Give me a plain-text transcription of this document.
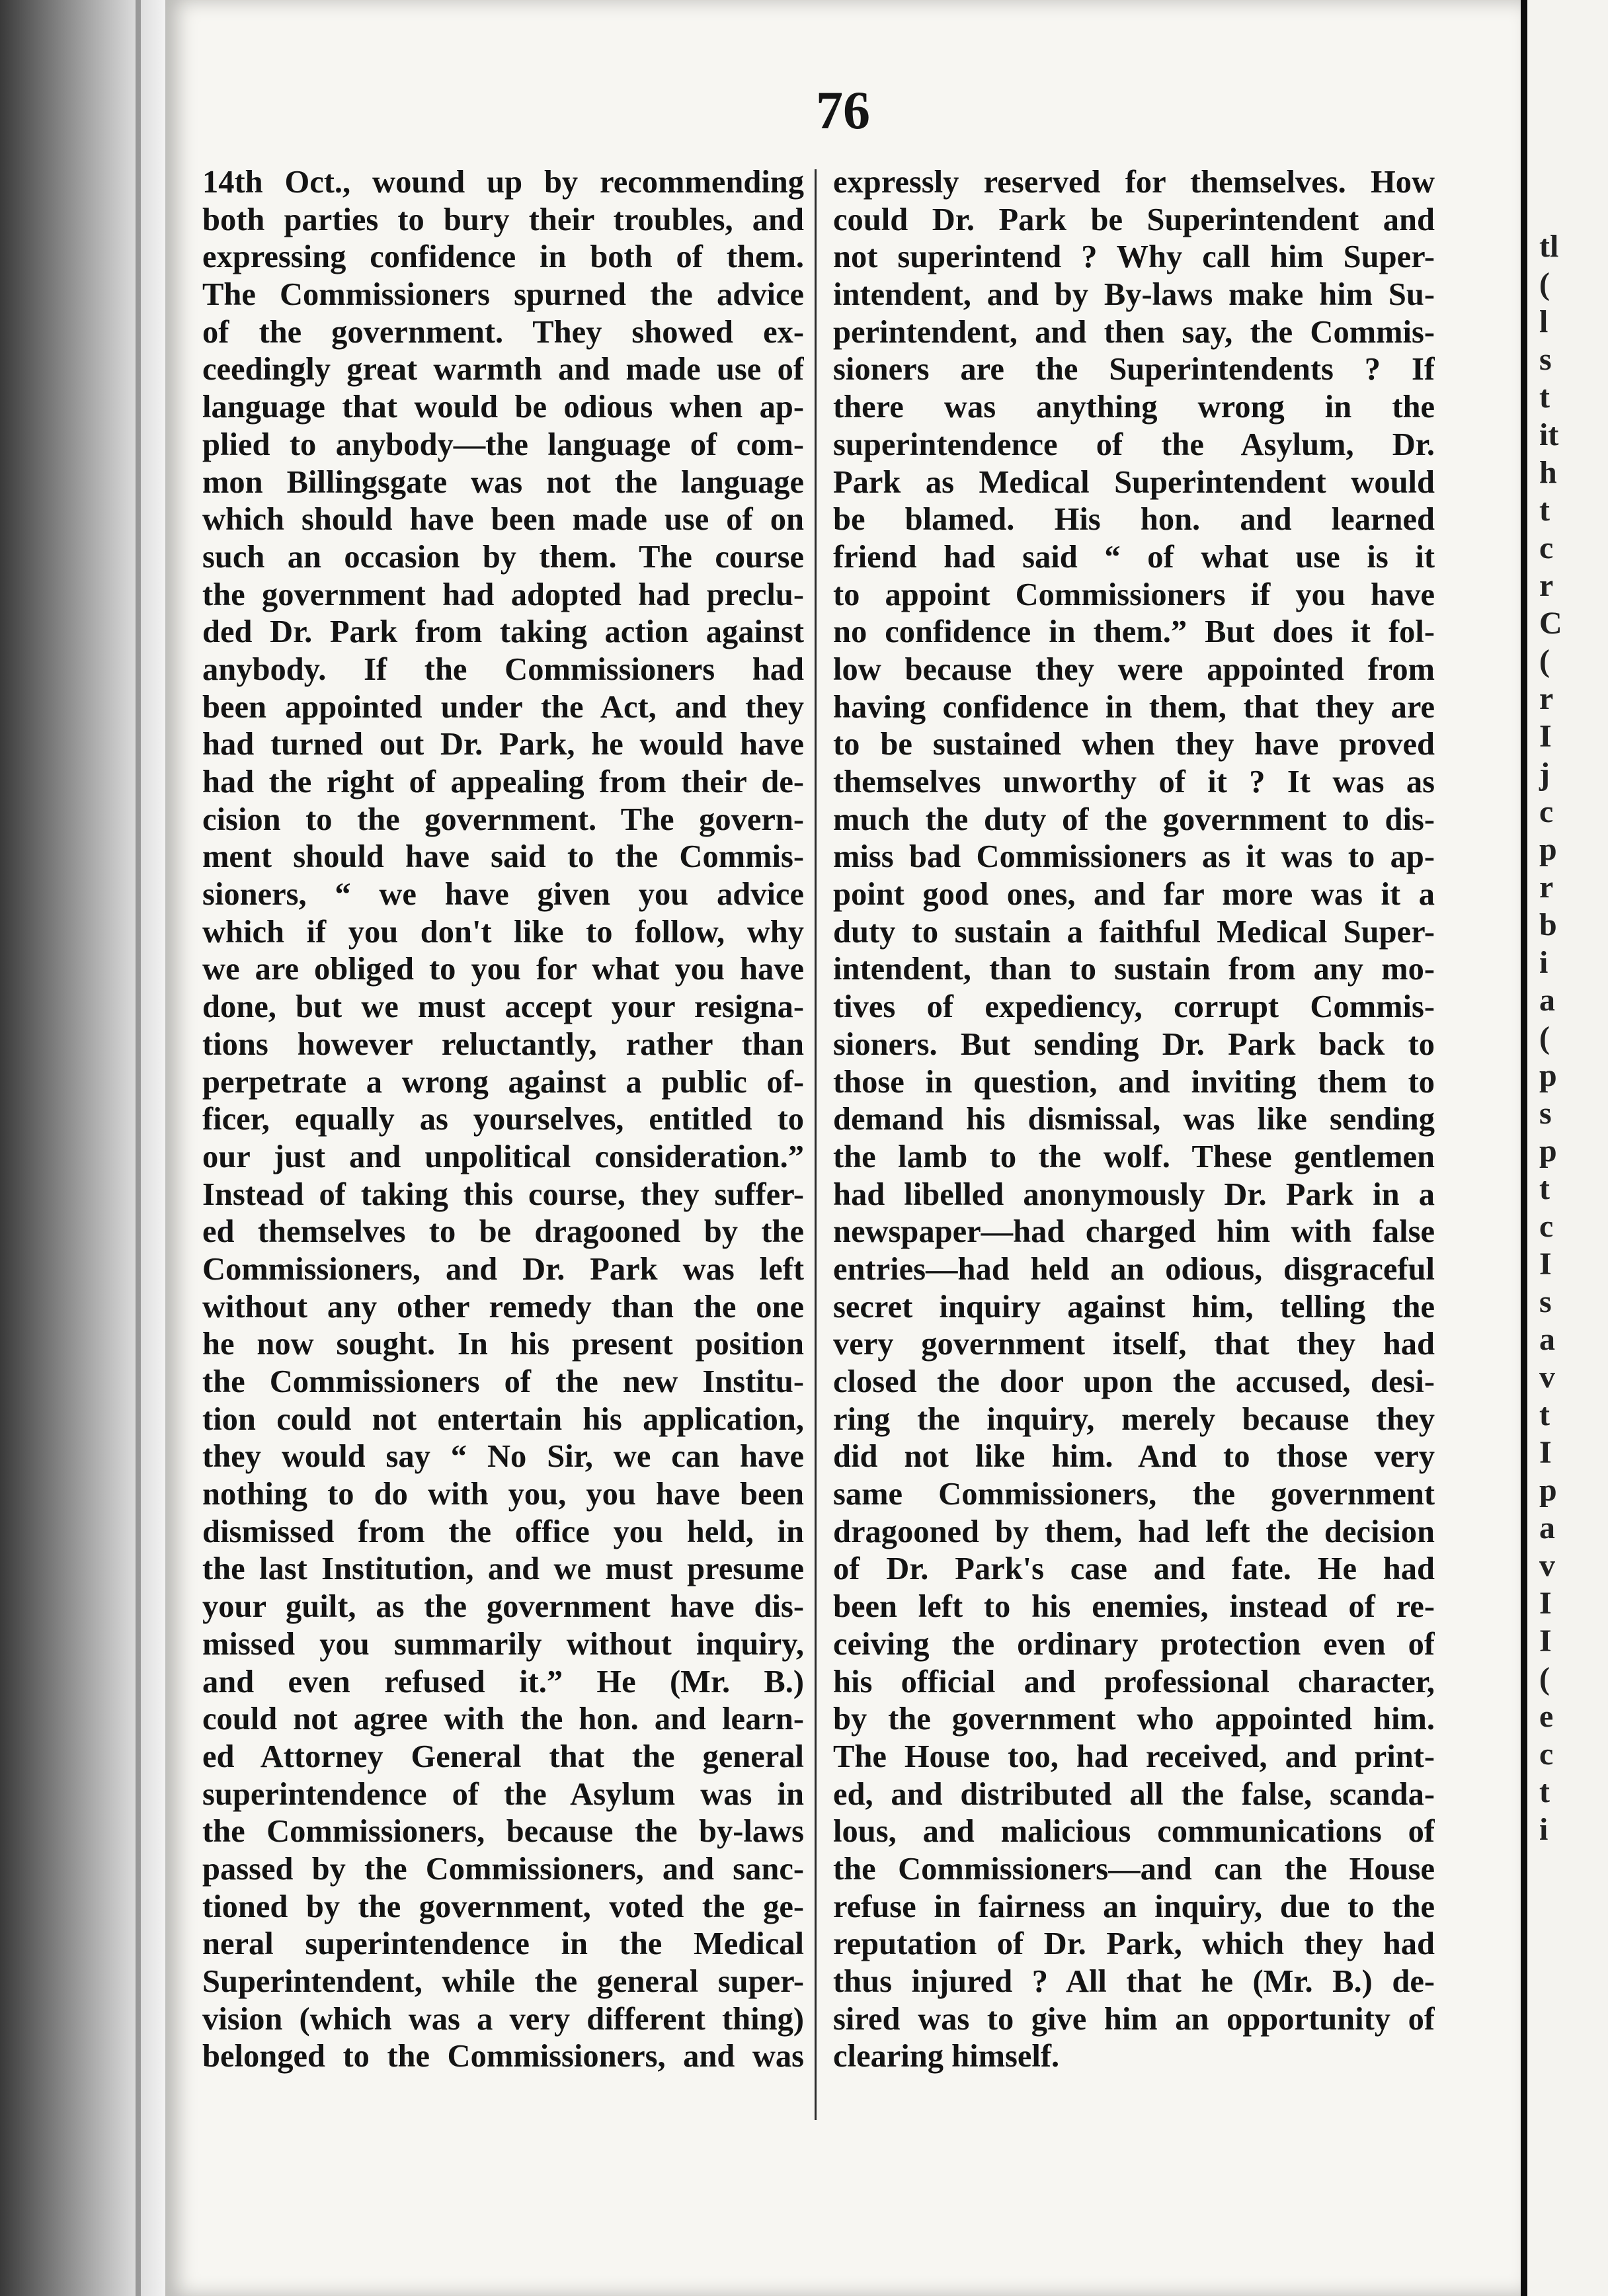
76
14th Oct., wound up by recommending
both parties to bury their troubles, and
expressing confidence in both of them.
The Commissioners spurned the advice
of the government. They showed ex-
ceedingly great warmth and made use of
language that would be odious when ap-
plied to anybody—the language of com-
mon Billingsgate was not the language
which should have been made use of on
such an occasion by them. The course
the government had adopted had preclu-
ded Dr. Park from taking action against
anybody. If the Commissioners had
been appointed under the Act, and they
had turned out Dr. Park, he would have
had the right of appealing from their de-
cision to the government. The govern-
ment should have said to the Commis-
sioners, “ we have given you advice
which if you don't like to follow, why
we are obliged to you for what you have
done, but we must accept your resigna-
tions however reluctantly, rather than
perpetrate a wrong against a public of-
ficer, equally as yourselves, entitled to
our just and unpolitical consideration.”
Instead of taking this course, they suffer-
ed themselves to be dragooned by the
Commissioners, and Dr. Park was left
without any other remedy than the one
he now sought. In his present position
the Commissioners of the new Institu-
tion could not entertain his application,
they would say “ No Sir, we can have
nothing to do with you, you have been
dismissed from the office you held, in
the last Institution, and we must presume
your guilt, as the government have dis-
missed you summarily without inquiry,
and even refused it.” He (Mr. B.)
could not agree with the hon. and learn-
ed Attorney General that the general
superintendence of the Asylum was in
the Commissioners, because the by-laws
passed by the Commissioners, and sanc-
tioned by the government, voted the ge-
neral superintendence in the Medical
Superintendent, while the general super-
vision (which was a very different thing)
belonged to the Commissioners, and was
expressly reserved for themselves. How
could Dr. Park be Superintendent and
not superintend ? Why call him Super-
intendent, and by By-laws make him Su-
perintendent, and then say, the Commis-
sioners are the Superintendents ? If
there was anything wrong in the
superintendence of the Asylum, Dr.
Park as Medical Superintendent would
be blamed. His hon. and learned
friend had said “ of what use is it
to appoint Commissioners if you have
no confidence in them.” But does it fol-
low because they were appointed from
having confidence in them, that they are
to be sustained when they have proved
themselves unworthy of it ? It was as
much the duty of the government to dis-
miss bad Commissioners as it was to ap-
point good ones, and far more was it a
duty to sustain a faithful Medical Super-
intendent, than to sustain from any mo-
tives of expediency, corrupt Commis-
sioners. But sending Dr. Park back to
those in question, and inviting them to
demand his dismissal, was like sending
the lamb to the wolf. These gentlemen
had libelled anonymously Dr. Park in a
newspaper—had charged him with false
entries—had held an odious, disgraceful
secret inquiry against him, telling the
very government itself, that they had
closed the door upon the accused, desi-
ring the inquiry, merely because they
did not like him. And to those very
same Commissioners, the government
dragooned by them, had left the decision
of Dr. Park's case and fate. He had
been left to his enemies, instead of re-
ceiving the ordinary protection even of
his official and professional character,
by the government who appointed him.
The House too, had received, and print-
ed, and distributed all the false, scanda-
lous, and malicious communications of
the Commissioners—and can the House
refuse in fairness an inquiry, due to the
reputation of Dr. Park, which they had
thus injured ? All that he (Mr. B.) de-
sired was to give him an opportunity of
clearing himself.
tl
(
l
s
t
it
h
t
c
r
C
(
r
I
j
c
p
r
b
i
a
(
p
s
p
t
c
I
s
a
v
t
I
p
a
v
I
I
(
e
c
t
i
